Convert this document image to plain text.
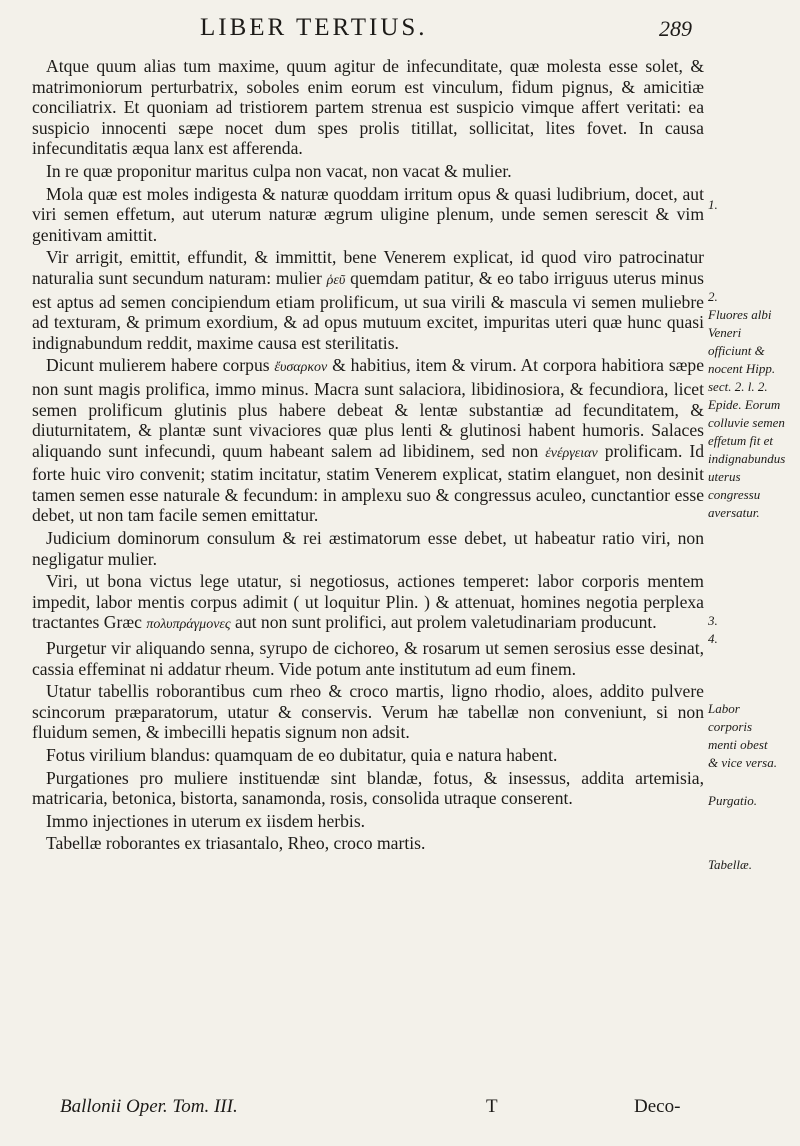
LIBER TERTIUS.	289

Atque quum alias tum maxime, quum agitur de infecunditate, quæ molesta esse solet, & matrimoniorum perturbatrix, soboles enim eorum est vinculum, fidum pignus, & amicitiæ conciliatrix. Et quoniam ad tristiorem partem strenua est suspicio vimque affert veritati: ea suspicio innocenti sæpe nocet dum spes prolis titillat, sollicitat, lites fovet. In causa infecunditatis æqua lanx est afferenda.

In re quæ proponitur maritus culpa non vacat, non vacat & mulier.

Mola quæ est moles indigesta & naturæ quoddam irritum opus & quasi ludibrium, docet, aut viri semen effetum, aut uterum naturæ ægrum uligine plenum, unde semen serescit & vim genitivam amittit.

Vir arrigit, emittit, effundit, & immittit, bene Venerem explicat, id quod viro patrocinatur naturalia sunt secundum naturam: mulier ῥεῦ quemdam patitur, & eo tabo irriguus uterus minus est aptus ad semen concipiendum etiam prolificum, ut sua virili & mascula vi semen muliebre ad texturam, & primum exordium, & ad opus mutuum excitet, impuritas uteri quæ hunc quasi indignabundum reddit, maxime causa est sterilitatis.

Dicunt mulierem habere corpus ἔυσαρκον & habitius, item & virum. At corpora habitiora sæpe non sunt magis prolifica, immo minus. Macra sunt salaciora, libidinosiora, & fecundiora, licet semen prolificum glutinis plus habere debeat & lentæ substantiæ ad fecunditatem, & diuturnitatem, & plantæ sunt vivaciores quæ plus lenti & glutinosi habent humoris. Salaces aliquando sunt infecundi, quum habeant salem ad libidinem, sed non ἐνέργειαν prolificam. Id forte huic viro convenit; statim incitatur, statim Venerem explicat, statim elanguet, non desinit tamen semen esse naturale & fecundum: in amplexu suo & congressus aculeo, cunctantior esse debet, ut non tam facile semen emittatur.

Judicium dominorum consulum & rei æstimatorum esse debet, ut habeatur ratio viri, non negligatur mulier.

Viri, ut bona victus lege utatur, si negotiosus, actiones temperet: labor corporis mentem impedit, labor mentis corpus adimit ( ut loquitur Plin. ) & attenuat, homines negotia perplexa tractantes Græc πολυπράγμονες aut non sunt prolifici, aut prolem valetudinariam producunt.

Purgetur vir aliquando senna, syrupo de cichoreo, & rosarum ut semen serosius esse desinat, cassia effeminat ni addatur rheum. Vide potum ante institutum ad eum finem.

Utatur tabellis roborantibus cum rheo & croco martis, ligno rhodio, aloes, addito pulvere scincorum præparatorum, utatur & conservis. Verum hæ tabellæ non conveniunt, si non fluidum semen, & imbecilli hepatis signum non adsit.

Fotus virilium blandus: quamquam de eo dubitatur, quia e natura habent.

Purgationes pro muliere instituendæ sint blandæ, fotus, & insessus, addita artemisia, matricaria, betonica, bistorta, sanamonda, rosis, consolida utraque conserent.

Immo injectiones in uterum ex iisdem herbis.

Tabellæ roborantes ex triasantalo, Rheo, croco martis.

1.
2.
Fluores albi Veneri officiunt & nocent Hipp. sect. 2. l. 2. Epide. Eorum colluvie semen effetum fit et indignabundus uterus congressu aversatur.
3.
4.
Labor corporis menti obest & vice versa.
Purgatio.
Tabellæ.
Ballonii Oper. Tom. III.	T	Deco-
